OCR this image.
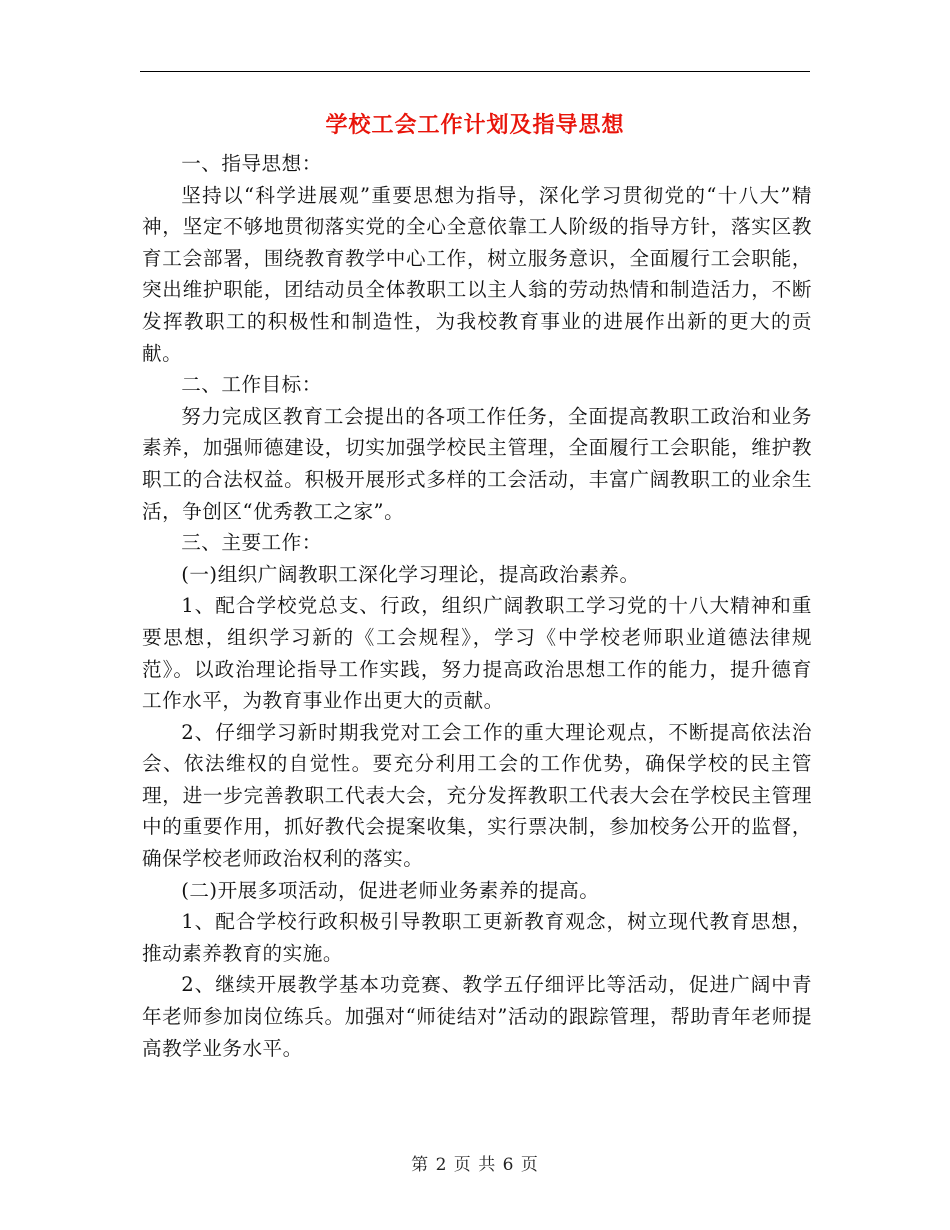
学校工会工作计划及指导思想

一、指导思想：

坚持以“科学进展观”重要思想为指导，深化学习贯彻党的“十八大”精神，坚定不够地贯彻落实党的全心全意依靠工人阶级的指导方针，落实区教育工会部署，围绕教育教学中心工作，树立服务意识，全面履行工会职能，突出维护职能，团结动员全体教职工以主人翁的劳动热情和制造活力，不断发挥教职工的积极性和制造性，为我校教育事业的进展作出新的更大的贡献。

二、工作目标：

努力完成区教育工会提出的各项工作任务，全面提高教职工政治和业务素养，加强师德建设，切实加强学校民主管理，全面履行工会职能，维护教职工的合法权益。积极开展形式多样的工会活动，丰富广阔教职工的业余生活，争创区“优秀教工之家”。

三、主要工作：

(一)组织广阔教职工深化学习理论，提高政治素养。

1、配合学校党总支、行政，组织广阔教职工学习党的十八大精神和重要思想，组织学习新的《工会规程》，学习《中学校老师职业道德法律规范》。以政治理论指导工作实践，努力提高政治思想工作的能力，提升德育工作水平，为教育事业作出更大的贡献。

2、仔细学习新时期我党对工会工作的重大理论观点，不断提高依法治会、依法维权的自觉性。要充分利用工会的工作优势，确保学校的民主管理，进一步完善教职工代表大会，充分发挥教职工代表大会在学校民主管理中的重要作用，抓好教代会提案收集，实行票决制，参加校务公开的监督，确保学校老师政治权利的落实。

(二)开展多项活动，促进老师业务素养的提高。

1、配合学校行政积极引导教职工更新教育观念，树立现代教育思想，推动素养教育的实施。

2、继续开展教学基本功竞赛、教学五仔细评比等活动，促进广阔中青年老师参加岗位练兵。加强对“师徒结对”活动的跟踪管理，帮助青年老师提高教学业务水平。

第 2 页 共 6 页
